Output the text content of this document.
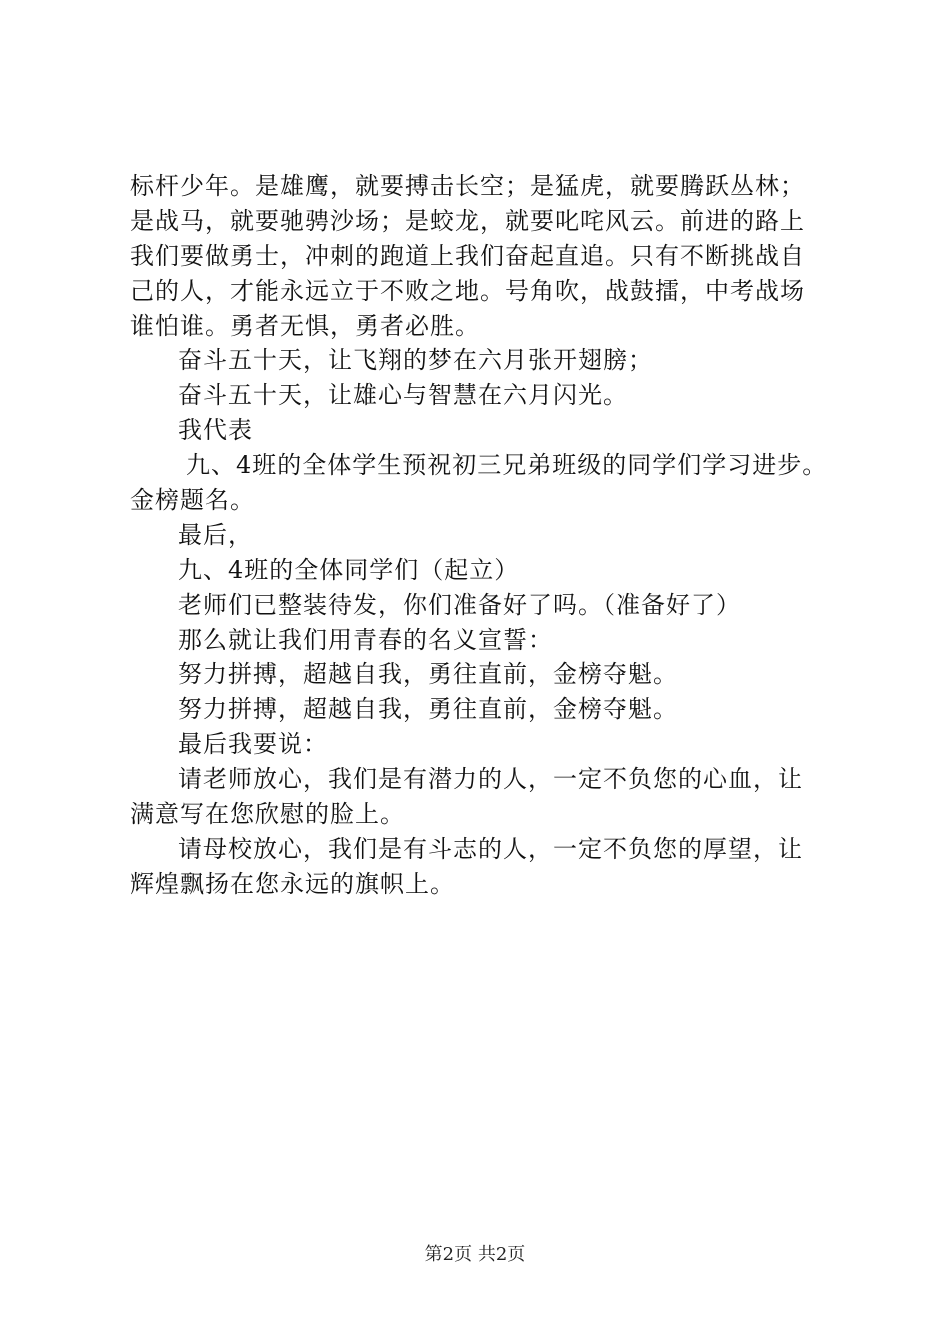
标杆少年。是雄鹰，就要搏击长空；是猛虎，就要腾跃丛林；
是战马，就要驰骋沙场；是蛟龙，就要叱咤风云。前进的路上
我们要做勇士，冲刺的跑道上我们奋起直追。只有不断挑战自
己的人，才能永远立于不败之地。号角吹，战鼓擂，中考战场
谁怕谁。勇者无惧，勇者必胜。
奋斗五十天，让飞翔的梦在六月张开翅膀；
奋斗五十天，让雄心与智慧在六月闪光。
我代表
九、4班的全体学生预祝初三兄弟班级的同学们学习进步。
金榜题名。
最后，
九、4班的全体同学们（起立）
老师们已整装待发，你们准备好了吗。（准备好了）
那么就让我们用青春的名义宣誓：
努力拼搏，超越自我，勇往直前，金榜夺魁。
努力拼搏，超越自我，勇往直前，金榜夺魁。
最后我要说：
请老师放心，我们是有潜力的人，一定不负您的心血，让
满意写在您欣慰的脸上。
请母校放心，我们是有斗志的人，一定不负您的厚望，让
辉煌飘扬在您永远的旗帜上。
第2页 共2页
